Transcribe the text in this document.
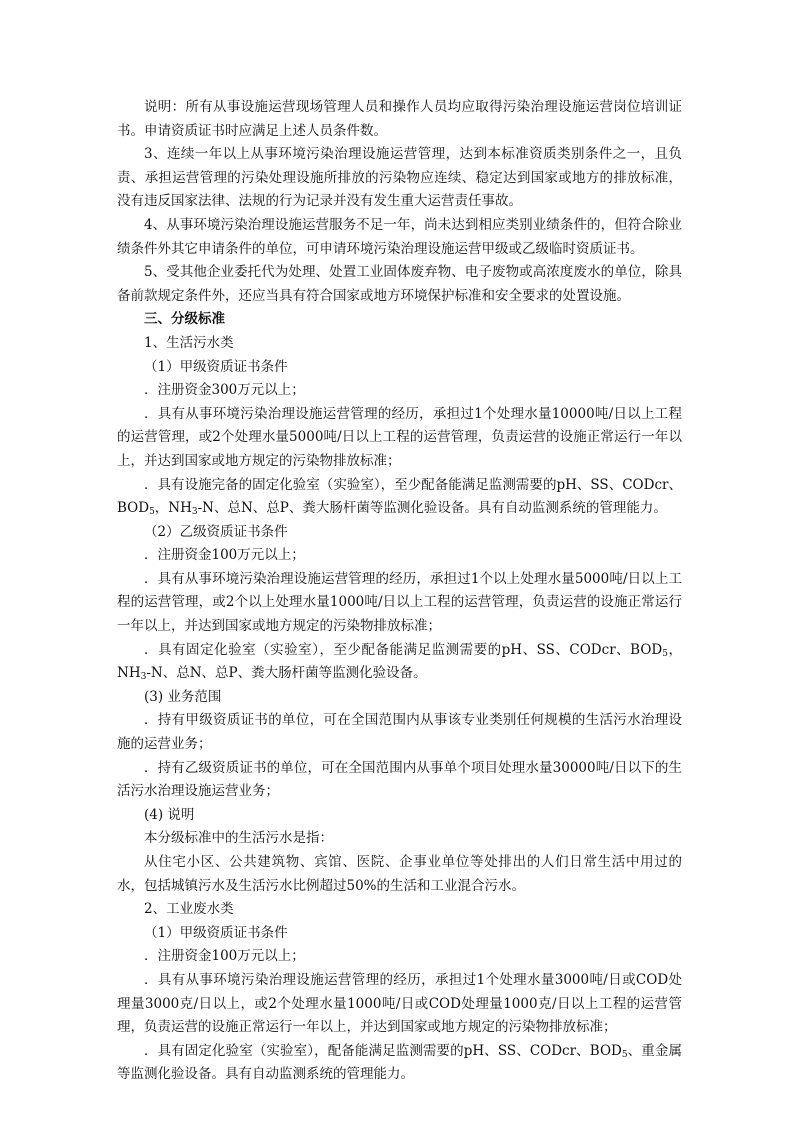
说明：所有从事设施运营现场管理人员和操作人员均应取得污染治理设施运营岗位培训证书。申请资质证书时应满足上述人员条件数。

3、连续一年以上从事环境污染治理设施运营管理，达到本标准资质类别条件之一，且负责、承担运营管理的污染处理设施所排放的污染物应连续、稳定达到国家或地方的排放标准，没有违反国家法律、法规的行为记录并没有发生重大运营责任事故。

4、从事环境污染治理设施运营服务不足一年，尚未达到相应类别业绩条件的，但符合除业绩条件外其它申请条件的单位，可申请环境污染治理设施运营甲级或乙级临时资质证书。

5、受其他企业委托代为处理、处置工业固体废弃物、电子废物或高浓度废水的单位，除具备前款规定条件外，还应当具有符合国家或地方环境保护标准和安全要求的处置设施。

三、分级标准

1、生活污水类

（1）甲级资质证书条件

．注册资金300万元以上；

．具有从事环境污染治理设施运营管理的经历，承担过1个处理水量10000吨/日以上工程的运营管理，或2个处理水量5000吨/日以上工程的运营管理，负责运营的设施正常运行一年以上，并达到国家或地方规定的污染物排放标准；

．具有设施完备的固定化验室（实验室），至少配备能满足监测需要的pH、SS、CODcr、$BOD_5$，$NH_3-N$、总N、总P、粪大肠杆菌等监测化验设备。具有自动监测系统的管理能力。

（2）乙级资质证书条件

．注册资金100万元以上；

．具有从事环境污染治理设施运营管理的经历，承担过1个以上处理水量5000吨/日以上工程的运营管理，或2个以上处理水量1000吨/日以上工程的运营管理，负责运营的设施正常运行一年以上，并达到国家或地方规定的污染物排放标准；

．具有固定化验室（实验室），至少配备能满足监测需要的pH、SS、CODcr、$BOD_5$，$NH_3-N$、总N、总P、粪大肠杆菌等监测化验设备。

(3) 业务范围

．持有甲级资质证书的单位，可在全国范围内从事该专业类别任何规模的生活污水治理设施的运营业务；

．持有乙级资质证书的单位，可在全国范围内从事单个项目处理水量30000吨/日以下的生活污水治理设施运营业务；

(4) 说明

本分级标准中的生活污水是指：

从住宅小区、公共建筑物、宾馆、医院、企事业单位等处排出的人们日常生活中用过的水，包括城镇污水及生活污水比例超过50%的生活和工业混合污水。

2、工业废水类

（1）甲级资质证书条件

．注册资金100万元以上；

．具有从事环境污染治理设施运营管理的经历，承担过1个处理水量3000吨/日或COD处理量3000克/日以上，或2个处理水量1000吨/日或COD处理量1000克/日以上工程的运营管理，负责运营的设施正常运行一年以上，并达到国家或地方规定的污染物排放标准；

．具有固定化验室（实验室），配备能满足监测需要的pH、SS、CODcr、$BOD_5$、重金属等监测化验设备。具有自动监测系统的管理能力。
